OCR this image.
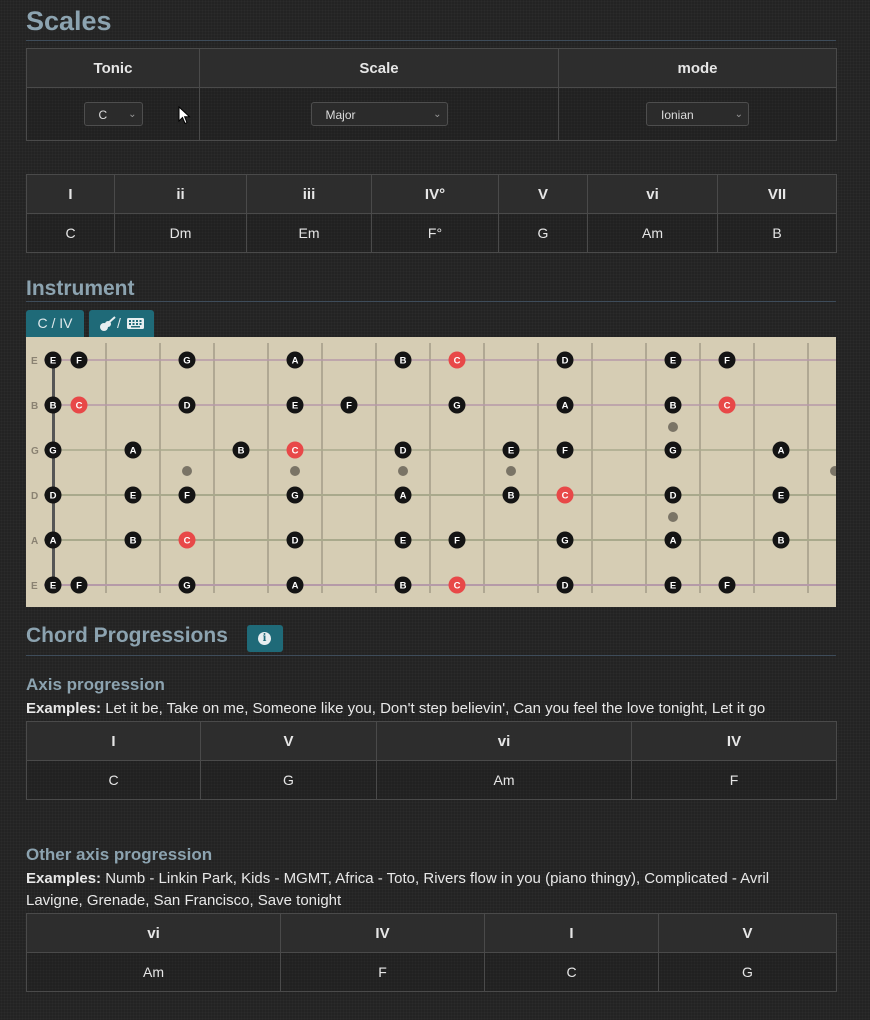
Scales
Tonic	Scale	mode
C ⌄	Major ⌄	Ionian ⌄
I	ii	iii	IV°	V	vi	VII
C	Dm	Em	F°	G	Am	B
Instrument
C / IV	/
E
B
G
D
A
E
E F	G	A	B	C	D	E	F
B C	D	E	F	G	A	B	C
G	A	B	C	D	E	F	G	A
D	E	F	G	A	B	C	D	E
A	B	C	D	E	F	G	A	B
E F	G	A	B	C	D	E	F
Chord Progressions	i
Axis progression

Examples: Let it be, Take on me, Someone like you, Don't step believin', Can you feel the love tonight, Let it go

I	V	vi	IV
C	G	Am	F
Other axis progression

Examples: Numb - Linkin Park, Kids - MGMT, Africa - Toto, Rivers flow in you (piano thingy), Complicated - Avril Lavigne, Grenade, San Francisco, Save tonight

vi	IV	I	V
Am	F	C	G
